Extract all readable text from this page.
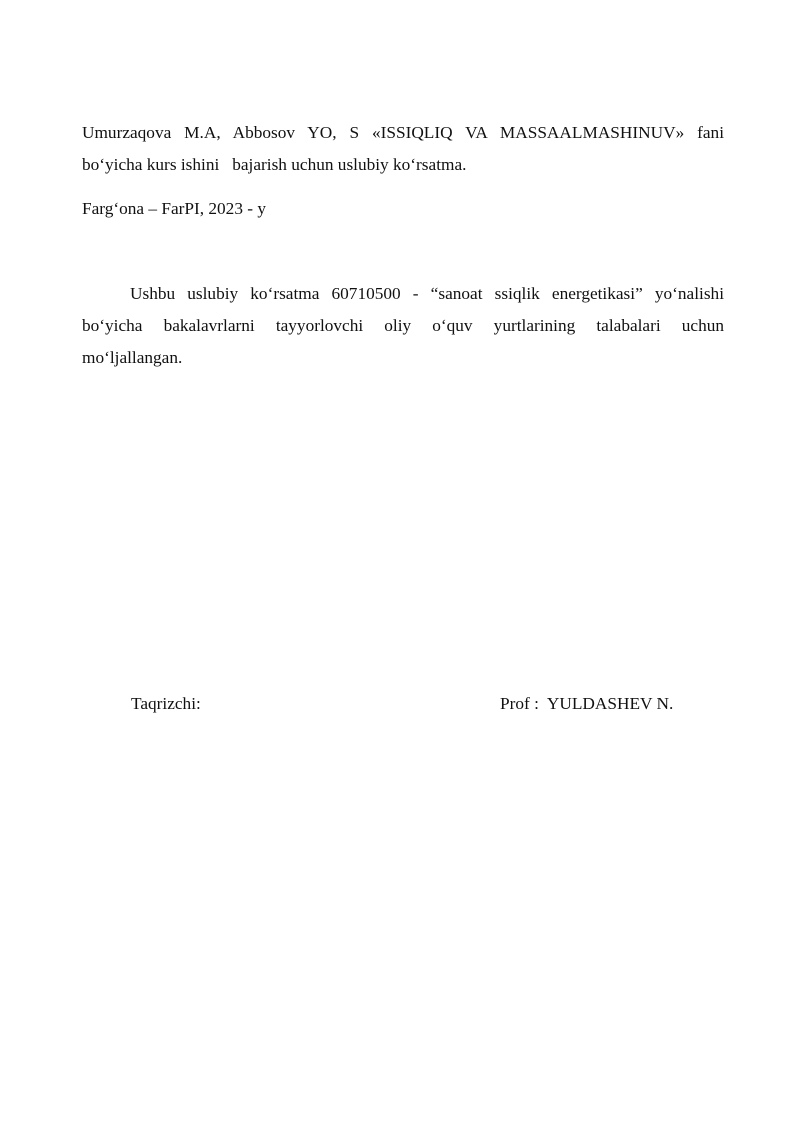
Umurzaqova M.A, Abbosov YO, S «ISSIQLIQ VA MASSAALMASHINUV» fani
bo‘yicha kurs ishini   bajarish uchun uslubiy ko‘rsatma.
Farg‘ona – FarPI, 2023 - y
Ushbu uslubiy ko‘rsatma 60710500 - “sanoat ssiqlik energetikasi” yo‘nalishi
bo‘yicha bakalavrlarni tayyorlovchi oliy o‘quv yurtlarining talabalari uchun
mo‘ljallangan.
Taqrizchi:	Prof :  YULDASHEV N.
